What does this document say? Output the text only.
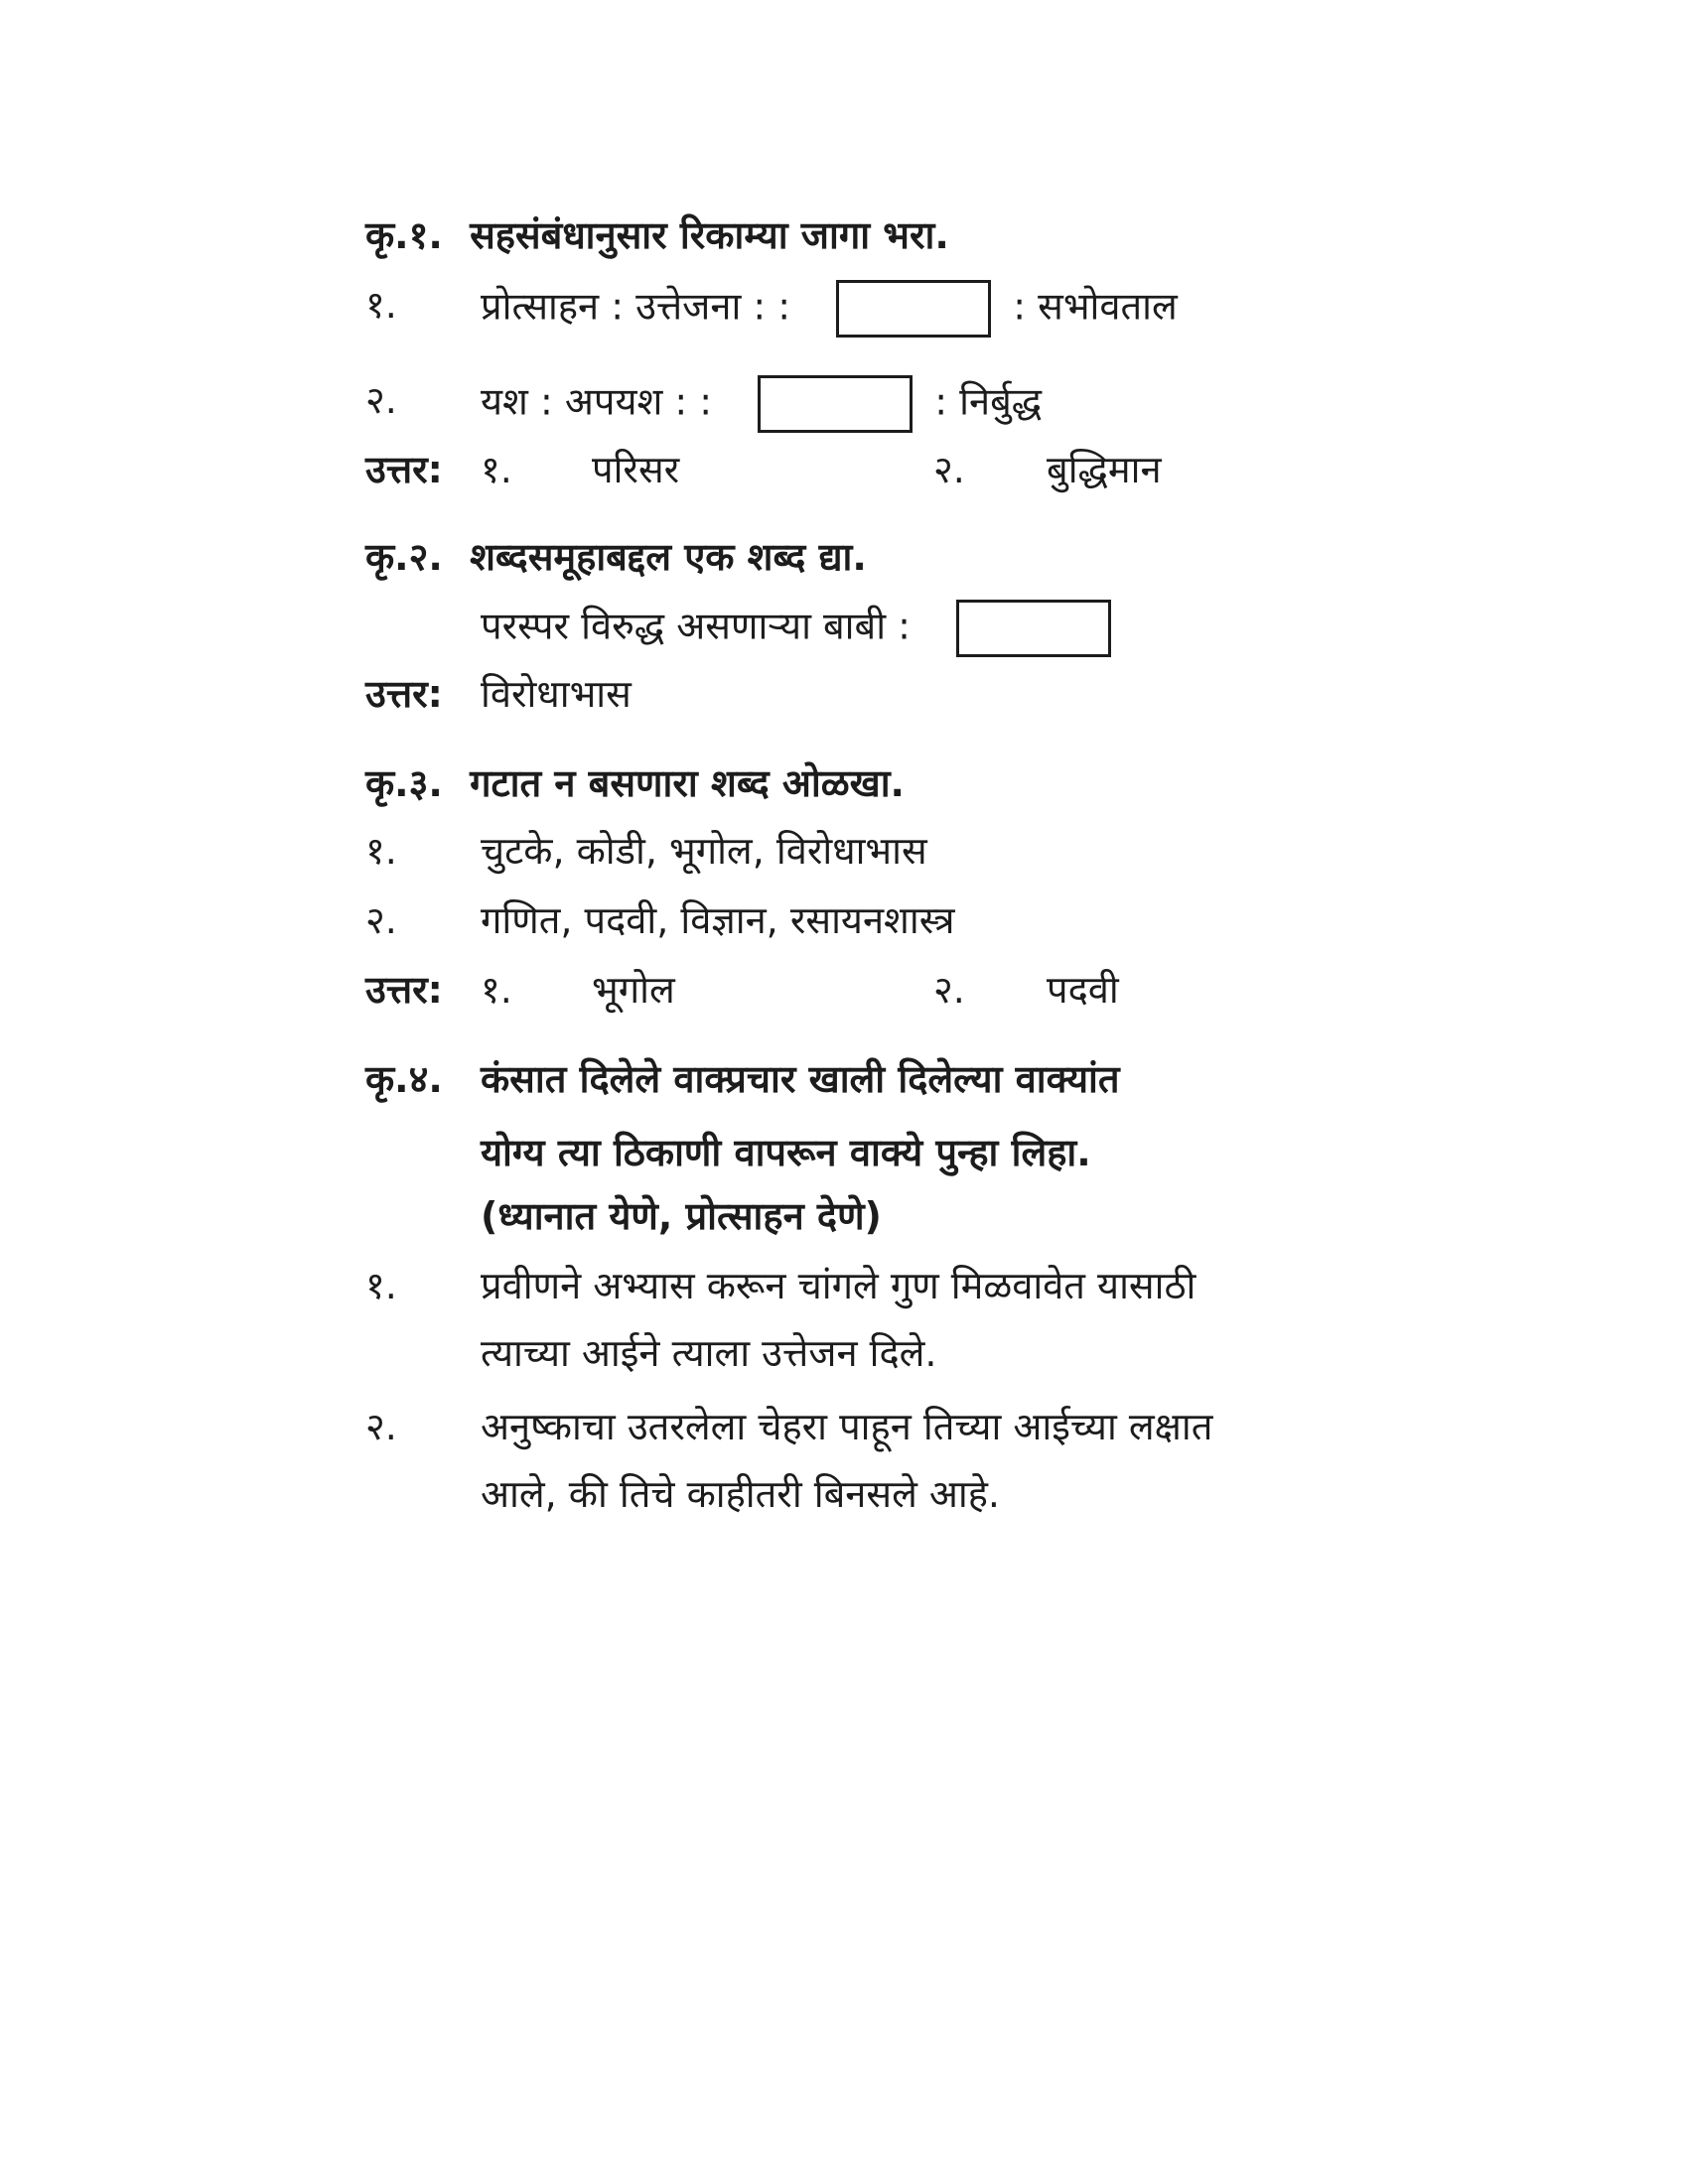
कृ.१. सहसंबंधानुसार रिकाम्या जागा भरा.
१. प्रोत्साहन : उत्तेजना : :	: सभोवताल
२. यश : अपयश : :	: निर्बुद्ध
उत्तर: १. परिसर	२. बुद्धिमान
कृ.२. शब्दसमूहाबद्दल एक शब्द द्या.
परस्पर विरुद्ध असणाऱ्या बाबी :
उत्तर: विरोधाभास
कृ.३. गटात न बसणारा शब्द ओळखा.
१. चुटके, कोडी, भूगोल, विरोधाभास
२. गणित, पदवी, विज्ञान, रसायनशास्त्र
उत्तर: १. भूगोल	२. पदवी
कृ.४. कंसात दिलेले वाक्प्रचार खाली दिलेल्या वाक्यांत
योग्य त्या ठिकाणी वापरून वाक्ये पुन्हा लिहा.
(ध्यानात येणे, प्रोत्साहन देणे)
१. प्रवीणने अभ्यास करून चांगले गुण मिळवावेत यासाठी
त्याच्या आईने त्याला उत्तेजन दिले.
२. अनुष्काचा उतरलेला चेहरा पाहून तिच्या आईच्या लक्षात
आले, की तिचे काहीतरी बिनसले आहे.
